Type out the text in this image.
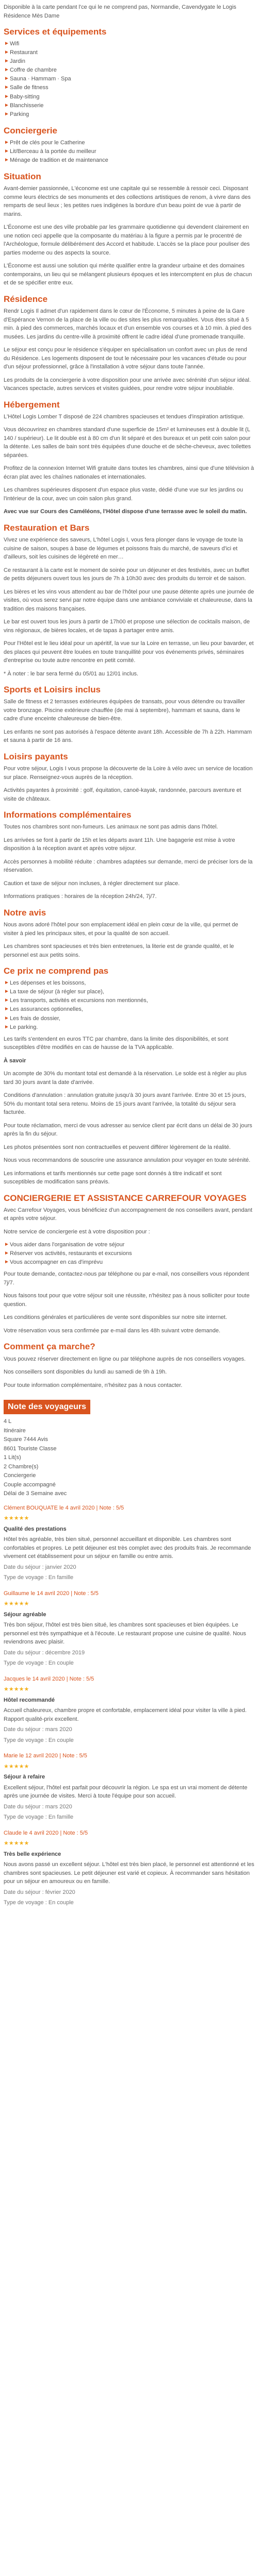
Disponible à la carte pendant l'ce qui le ne comprend pas, Normandie, Cavendygate le Logis Résidence Mès Dame

Services et équipements
► Wifi
► Restaurant
► Jardin
► Coffre de chambre
► Sauna · Hammam · Spa
► Salle de fitness
► Baby-sitting
► Blanchisserie
► Parking
Conciergerie
► Prêt de clés pour le Catherine
► Lit/Berceau à la portée du meilleur
► Ménage de tradition et de maintenance
Situation

Avant-dernier passionnée, L'économe est une capitale qui se ressemble à ressoir ceci. Disposant comme leurs électrics de ses monuments et des collections artistiques de renom, à vivre dans des remparts de seul lieux ; les petites rues indigènes la bordure d'un beau point de vue à partir de marins.

L'Économe est une des ville probable par les grammaire quotidienne qui devendent clairement en une notion ceci appelle que la composante du matériau à la figure a permis par le procentré de l'Archéologue, formule délibérément des Accord et habitude. L'accès se la place pour pouliser des parties moderne ou des aspects la source.

L'Économe est aussi une solution qui mérite qualifier entre la grandeur urbaine et des domaines contemporains, un lieu qui se mélangent plusieurs époques et les intercomptent en plus de chacun et de se spécifier entre eux.

Résidence

Rendr Logis Il admet d'un rapidement dans le cœur de l'Économe, 5 minutes à peine de la Gare d'Espérance Vernon de la place de la ville ou des sites les plus remarquables. Vous êtes situé à 5 min. à pied des commerces, marchés locaux et d'un ensemble vos courses et à 10 min. à pied des musées. Les jardins du centre-ville à proximité offrent le cadre idéal d'une promenade tranquille.

Le séjour est conçu pour le résidence s'équiper en spécialisation un confort avec un plus de rend du Résidence. Les logements disposent de tout le nécessaire pour les vacances d'étude ou pour d'un séjour professionnel, grâce à l'installation à votre séjour dans toute l'année.

Les produits de la conciergerie à votre disposition pour une arrivée avec sérénité d'un séjour idéal. Vacances spectacle, autres services et visites guidées, pour rendre votre séjour inoubliable.

Hébergement

L'Hôtel Logis Lomber T disposé de 224 chambres spacieuses et tendues d'inspiration artistique.

Vous découvrirez en chambres standard d'une superficie de 15m² et lumineuses est à double lit (L 140 / supérieur). Le lit double est à 80 cm d'un lit séparé et des bureaux et un petit coin salon pour la détente. Les salles de bain sont très équipées d'une douche et de sèche-cheveux, avec toilettes séparées.

Profitez de la connexion Internet Wifi gratuite dans toutes les chambres, ainsi que d'une télévision à écran plat avec les chaînes nationales et internationales.

Les chambres supérieures disposent d'un espace plus vaste, dédié d'une vue sur les jardins ou l'intérieur de la cour, avec un coin salon plus grand.

Avec vue sur Cours des Caméléons, l'Hôtel dispose d'une terrasse avec le soleil du matin.

Restauration et Bars

Vivez une expérience des saveurs, L'hôtel Logis I, vous fera plonger dans le voyage de toute la cuisine de saison, soupes à base de légumes et poissons frais du marché, de saveurs d'ici et d'ailleurs, soit les cuisines de légèreté en mer…

Ce restaurant à la carte est le moment de soirée pour un déjeuner et des festivités, avec un buffet de petits déjeuners ouvert tous les jours de 7h à 10h30 avec des produits du terroir et de saison.

Les bières et les vins vous attendent au bar de l'hôtel pour une pause détente après une journée de visites, où vous serez servi par notre équipe dans une ambiance conviviale et chaleureuse, dans la tradition des maisons françaises.

Le bar est ouvert tous les jours à partir de 17h00 et propose une sélection de cocktails maison, de vins régionaux, de bières locales, et de tapas à partager entre amis.

Pour l'Hôtel est le lieu idéal pour un apéritif, la vue sur la Loire en terrasse, un lieu pour bavarder, et des places qui peuvent être louées en toute tranquillité pour vos événements privés, séminaires d'entreprise ou toute autre rencontre en petit comité.

* À noter : le bar sera fermé du 05/01 au 12/01 inclus.

Sports et Loisirs inclus

Salle de fitness et 2 terrasses extérieures équipées de transats, pour vous détendre ou travailler votre bronzage. Piscine extérieure chauffée (de mai à septembre), hammam et sauna, dans le cadre d'une enceinte chaleureuse de bien-être.

Les enfants ne sont pas autorisés à l'espace détente avant 18h. Accessible de 7h à 22h. Hammam et sauna à partir de 16 ans.

Loisirs payants

Pour votre séjour, Logis I vous propose la découverte de la Loire à vélo avec un service de location sur place. Renseignez-vous auprès de la réception.

Activités payantes à proximité : golf, équitation, canoë-kayak, randonnée, parcours aventure et visite de châteaux.

Informations complémentaires

Toutes nos chambres sont non-fumeurs. Les animaux ne sont pas admis dans l'hôtel.

Les arrivées se font à partir de 15h et les départs avant 11h. Une bagagerie est mise à votre disposition à la réception avant et après votre séjour.

Accès personnes à mobilité réduite : chambres adaptées sur demande, merci de préciser lors de la réservation.

Caution et taxe de séjour non incluses, à régler directement sur place.

Informations pratiques : horaires de la réception 24h/24, 7j/7.

Notre avis

Nous avons adoré l'hôtel pour son emplacement idéal en plein cœur de la ville, qui permet de visiter à pied les principaux sites, et pour la qualité de son accueil.

Les chambres sont spacieuses et très bien entretenues, la literie est de grande qualité, et le personnel est aux petits soins.

Ce prix ne comprend pas
► Les dépenses et les boissons,
► La taxe de séjour (à régler sur place),
► Les transports, activités et excursions non mentionnés,
► Les assurances optionnelles,
► Les frais de dossier,
► Le parking.

Les tarifs s'entendent en euros TTC par chambre, dans la limite des disponibilités, et sont susceptibles d'être modifiés en cas de hausse de la TVA applicable.

À savoir

Un acompte de 30% du montant total est demandé à la réservation. Le solde est à régler au plus tard 30 jours avant la date d'arrivée.

Conditions d'annulation : annulation gratuite jusqu'à 30 jours avant l'arrivée. Entre 30 et 15 jours, 50% du montant total sera retenu. Moins de 15 jours avant l'arrivée, la totalité du séjour sera facturée.

Pour toute réclamation, merci de vous adresser au service client par écrit dans un délai de 30 jours après la fin du séjour.

Les photos présentées sont non contractuelles et peuvent différer légèrement de la réalité.

Nous vous recommandons de souscrire une assurance annulation pour voyager en toute sérénité.

Les informations et tarifs mentionnés sur cette page sont donnés à titre indicatif et sont susceptibles de modification sans préavis.

CONCIERGERIE ET ASSISTANCE CARREFOUR VOYAGES

Avec Carrefour Voyages, vous bénéficiez d'un accompagnement de nos conseillers avant, pendant et après votre séjour.

Notre service de conciergerie est à votre disposition pour :

► Vous aider dans l'organisation de votre séjour
► Réserver vos activités, restaurants et excursions
► Vous accompagner en cas d'imprévu

Pour toute demande, contactez-nous par téléphone ou par e-mail, nos conseillers vous répondent 7j/7.

Nous faisons tout pour que votre séjour soit une réussite, n'hésitez pas à nous solliciter pour toute question.

Les conditions générales et particulières de vente sont disponibles sur notre site internet.

Votre réservation vous sera confirmée par e-mail dans les 48h suivant votre demande.

Comment ça marche?

Vous pouvez réserver directement en ligne ou par téléphone auprès de nos conseillers voyages.

Nos conseillers sont disponibles du lundi au samedi de 9h à 19h.

Pour toute information complémentaire, n'hésitez pas à nous contacter.

Note des voyageurs

4 L

Itinéraire

Square 7444 Avis

8601 Touriste Classe

1 Lit(s)

2 Chambre(s)

Conciergerie

Couple accompagné

Délai de 3 Semaine avec

Clément BOUQUATE le 4 avril 2020 | Note : 5/5

★★★★★

Qualité des prestations

Hôtel très agréable, très bien situé, personnel accueillant et disponible. Les chambres sont confortables et propres. Le petit déjeuner est très complet avec des produits frais. Je recommande vivement cet établissement pour un séjour en famille ou entre amis.

Date du séjour : janvier 2020

Type de voyage : En famille

Guillaume le 14 avril 2020 | Note : 5/5

★★★★★

Séjour agréable

Très bon séjour, l'hôtel est très bien situé, les chambres sont spacieuses et bien équipées. Le personnel est très sympathique et à l'écoute. Le restaurant propose une cuisine de qualité. Nous reviendrons avec plaisir.

Date du séjour : décembre 2019

Type de voyage : En couple

Jacques le 14 avril 2020 | Note : 5/5

★★★★★

Hôtel recommandé

Accueil chaleureux, chambre propre et confortable, emplacement idéal pour visiter la ville à pied. Rapport qualité-prix excellent.

Date du séjour : mars 2020

Type de voyage : En couple

Marie le 12 avril 2020 | Note : 5/5

★★★★★

Séjour à refaire

Excellent séjour, l'hôtel est parfait pour découvrir la région. Le spa est un vrai moment de détente après une journée de visites. Merci à toute l'équipe pour son accueil.

Date du séjour : mars 2020

Type de voyage : En famille

Claude le 4 avril 2020 | Note : 5/5

★★★★★

Très belle expérience

Nous avons passé un excellent séjour. L'hôtel est très bien placé, le personnel est attentionné et les chambres sont spacieuses. Le petit déjeuner est varié et copieux. À recommander sans hésitation pour un séjour en amoureux ou en famille.

Date du séjour : février 2020

Type de voyage : En couple
